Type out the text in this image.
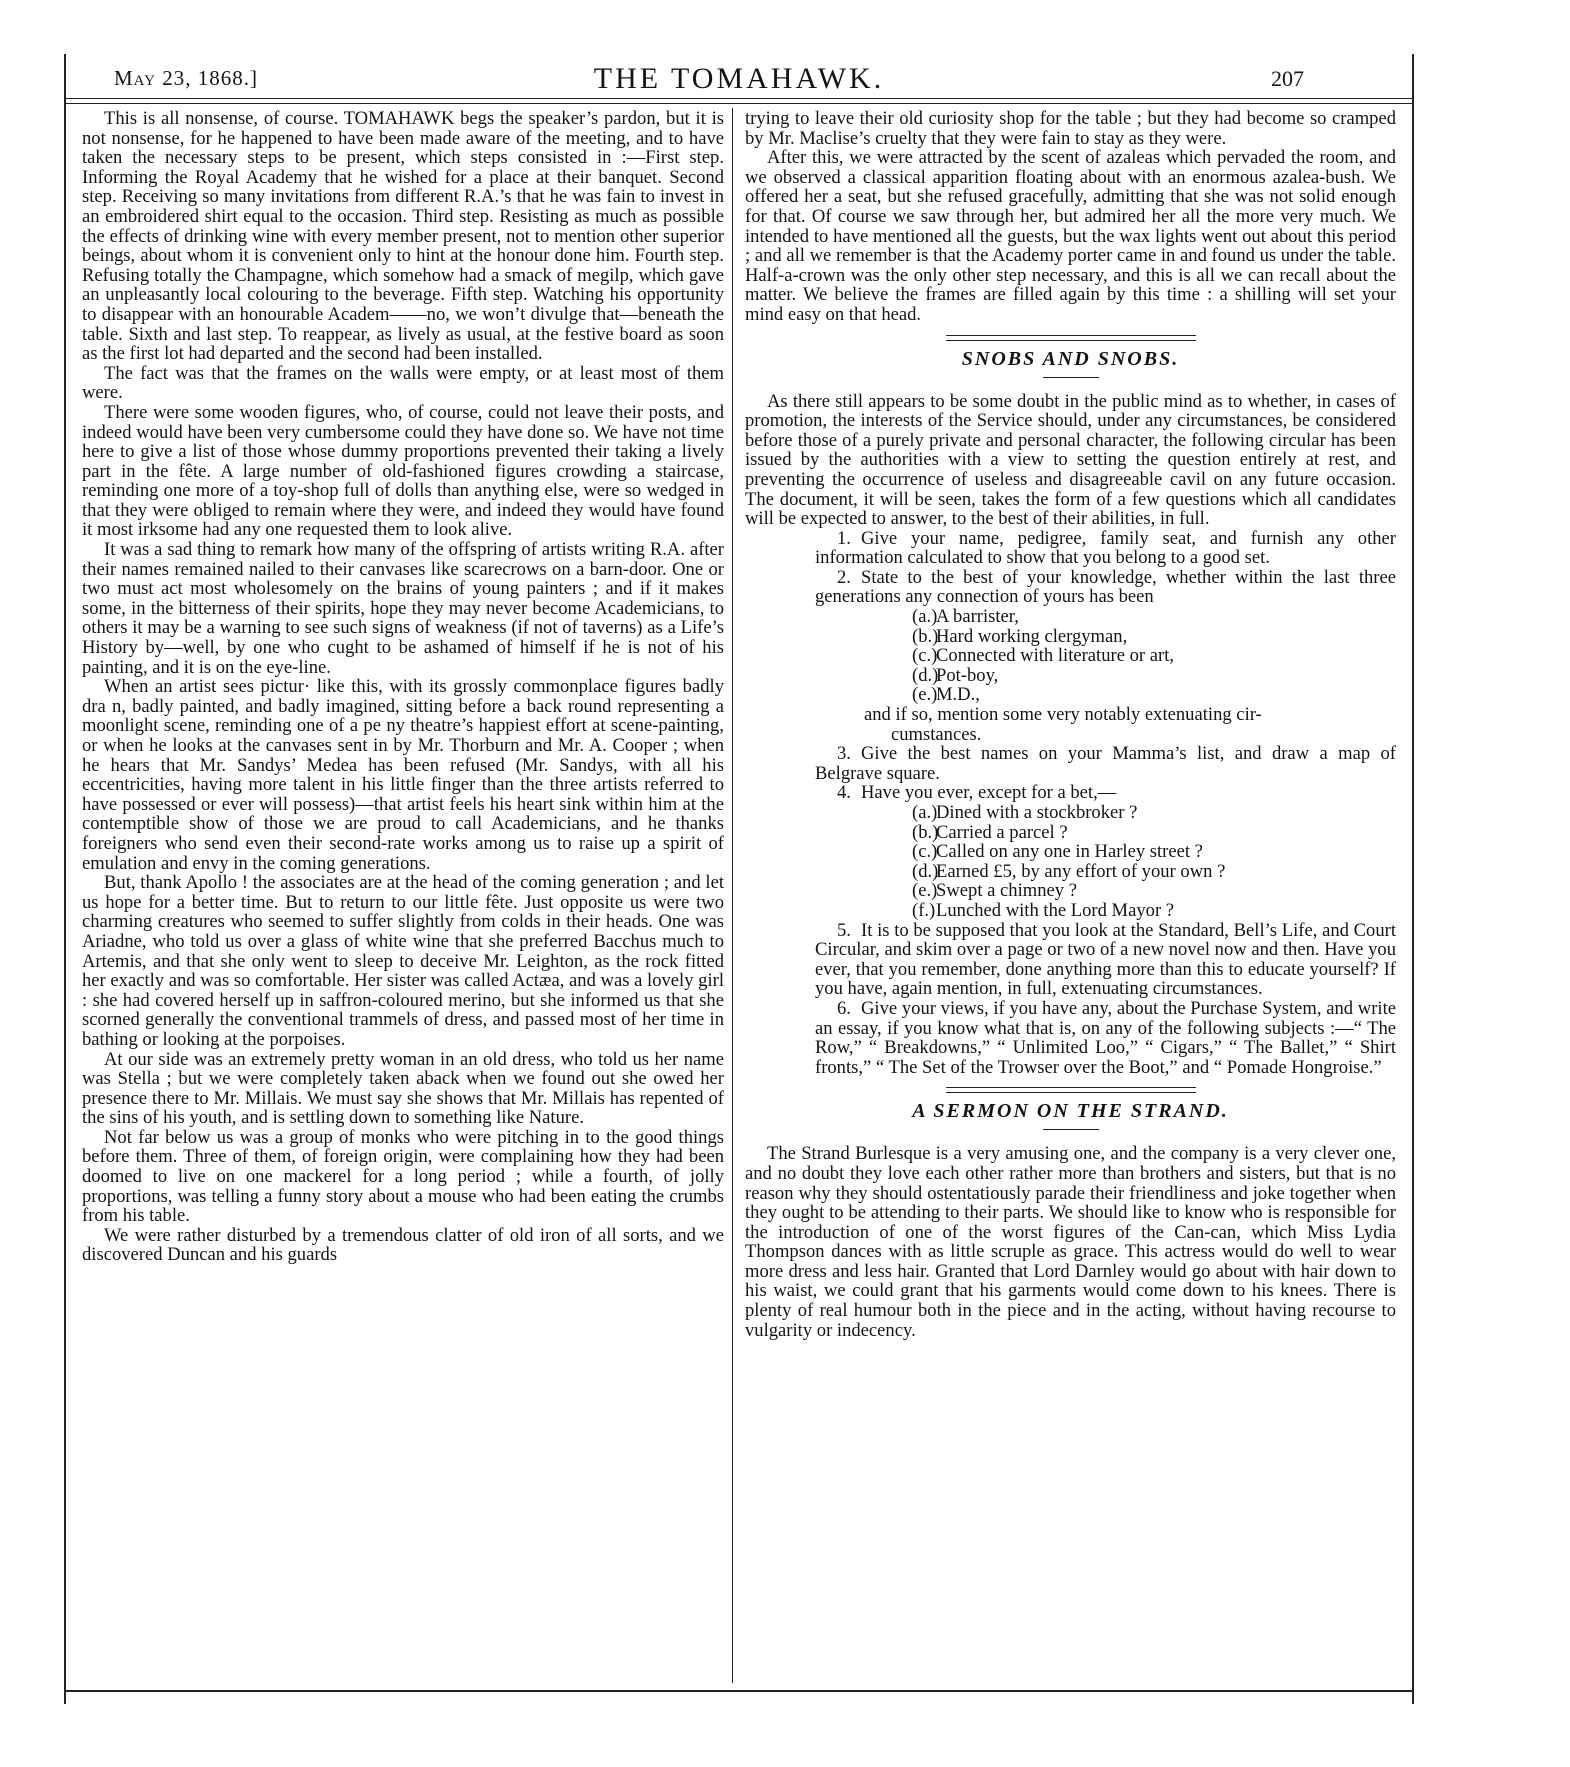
May 23, 1868.]	THE TOMAHAWK.	207

This is all nonsense, of course. TOMAHAWK begs the speaker’s pardon, but it is not nonsense, for he happened to have been made aware of the meeting, and to have taken the necessary steps to be present, which steps consisted in :—First step. Informing the Royal Academy that he wished for a place at their banquet. Second step. Receiving so many invitations from different R.A.’s that he was fain to invest in an embroidered shirt equal to the occasion. Third step. Resisting as much as possible the effects of drinking wine with every member present, not to mention other superior beings, about whom it is convenient only to hint at the honour done him. Fourth step. Refusing totally the Champagne, which somehow had a smack of megilp, which gave an unpleasantly local colouring to the beverage. Fifth step. Watching his opportunity to disappear with an honourable Academ——no, we won’t divulge that—beneath the table. Sixth and last step. To reappear, as lively as usual, at the festive board as soon as the first lot had departed and the second had been installed.

The fact was that the frames on the walls were empty, or at least most of them were.

There were some wooden figures, who, of course, could not leave their posts, and indeed would have been very cumbersome could they have done so. We have not time here to give a list of those whose dummy proportions prevented their taking a lively part in the fête. A large number of old-fashioned figures crowding a staircase, reminding one more of a toy-shop full of dolls than anything else, were so wedged in that they were obliged to remain where they were, and indeed they would have found it most irksome had any one requested them to look alive.

It was a sad thing to remark how many of the offspring of artists writing R.A. after their names remained nailed to their canvases like scarecrows on a barn-door. One or two must act most wholesomely on the brains of young painters ; and if it makes some, in the bitterness of their spirits, hope they may never become Academicians, to others it may be a warning to see such signs of weakness (if not of taverns) as a Life’s History by—well, by one who cught to be ashamed of himself if he is not of his painting, and it is on the eye-line.

When an artist sees pictur· like this, with its grossly commonplace figures badly dra n, badly painted, and badly imagined, sitting before a back round representing a moonlight scene, reminding one of a pe ny theatre’s happiest effort at scene-painting, or when he looks at the canvases sent in by Mr. Thorburn and Mr. A. Cooper ; when he hears that Mr. Sandys’ Medea has been refused (Mr. Sandys, with all his eccentricities, having more talent in his little finger than the three artists referred to have possessed or ever will possess)—that artist feels his heart sink within him at the contemptible show of those we are proud to call Academicians, and he thanks foreigners who send even their second-rate works among us to raise up a spirit of emulation and envy in the coming generations.

But, thank Apollo ! the associates are at the head of the coming generation ; and let us hope for a better time. But to return to our little fête. Just opposite us were two charming creatures who seemed to suffer slightly from colds in their heads. One was Ariadne, who told us over a glass of white wine that she preferred Bacchus much to Artemis, and that she only went to sleep to deceive Mr. Leighton, as the rock fitted her exactly and was so comfortable. Her sister was called Actæa, and was a lovely girl : she had covered herself up in saffron-coloured merino, but she informed us that she scorned generally the conventional trammels of dress, and passed most of her time in bathing or looking at the porpoises.

At our side was an extremely pretty woman in an old dress, who told us her name was Stella ; but we were completely taken aback when we found out she owed her presence there to Mr. Millais. We must say she shows that Mr. Millais has repented of the sins of his youth, and is settling down to something like Nature.

Not far below us was a group of monks who were pitching in to the good things before them. Three of them, of foreign origin, were complaining how they had been doomed to live on one mackerel for a long period ; while a fourth, of jolly proportions, was telling a funny story about a mouse who had been eating the crumbs from his table.

We were rather disturbed by a tremendous clatter of old iron of all sorts, and we discovered Duncan and his guards

trying to leave their old curiosity shop for the table ; but they had become so cramped by Mr. Maclise’s cruelty that they were fain to stay as they were.

After this, we were attracted by the scent of azaleas which pervaded the room, and we observed a classical apparition floating about with an enormous azalea-bush. We offered her a seat, but she refused gracefully, admitting that she was not solid enough for that. Of course we saw through her, but admired her all the more very much. We intended to have mentioned all the guests, but the wax lights went out about this period ; and all we remember is that the Academy porter came in and found us under the table. Half-a-crown was the only other step necessary, and this is all we can recall about the matter. We believe the frames are filled again by this time : a shilling will set your mind easy on that head.

SNOBS AND SNOBS.

As there still appears to be some doubt in the public mind as to whether, in cases of promotion, the interests of the Service should, under any circumstances, be considered before those of a purely private and personal character, the following circular has been issued by the authorities with a view to setting the question entirely at rest, and preventing the occurrence of useless and disagreeable cavil on any future occasion. The document, it will be seen, takes the form of a few questions which all candidates will be expected to answer, to the best of their abilities, in full.

1. Give your name, pedigree, family seat, and furnish any other information calculated to show that you belong to a good set.

2. State to the best of your knowledge, whether within the last three generations any connection of yours has been

(a.)A barrister,

(b.)Hard working clergyman,

(c.)Connected with literature or art,

(d.)Pot-boy,

(e.)M.D.,

and if so, mention some very notably extenuating cir-
cumstances.

3. Give the best names on your Mamma’s list, and draw a map of Belgrave square.

4. Have you ever, except for a bet,—

(a.)Dined with a stockbroker ?

(b.)Carried a parcel ?

(c.)Called on any one in Harley street ?

(d.)Earned £5, by any effort of your own ?

(e.)Swept a chimney ?

(f.)Lunched with the Lord Mayor ?

5. It is to be supposed that you look at the Standard, Bell’s Life, and Court Circular, and skim over a page or two of a new novel now and then. Have you ever, that you remember, done anything more than this to educate yourself? If you have, again mention, in full, extenuating circumstances.

6. Give your views, if you have any, about the Purchase System, and write an essay, if you know what that is, on any of the following subjects :—“ The Row,” “ Breakdowns,” “ Unlimited Loo,” “ Cigars,” “ The Ballet,” “ Shirt fronts,” “ The Set of the Trowser over the Boot,” and “ Pomade Hongroise.”

A SERMON ON THE STRAND.

The Strand Burlesque is a very amusing one, and the company is a very clever one, and no doubt they love each other rather more than brothers and sisters, but that is no reason why they should ostentatiously parade their friendliness and joke together when they ought to be attending to their parts. We should like to know who is responsible for the introduction of one of the worst figures of the Can-can, which Miss Lydia Thompson dances with as little scruple as grace. This actress would do well to wear more dress and less hair. Granted that Lord Darnley would go about with hair down to his waist, we could grant that his garments would come down to his knees. There is plenty of real humour both in the piece and in the acting, without having recourse to vulgarity or indecency.
